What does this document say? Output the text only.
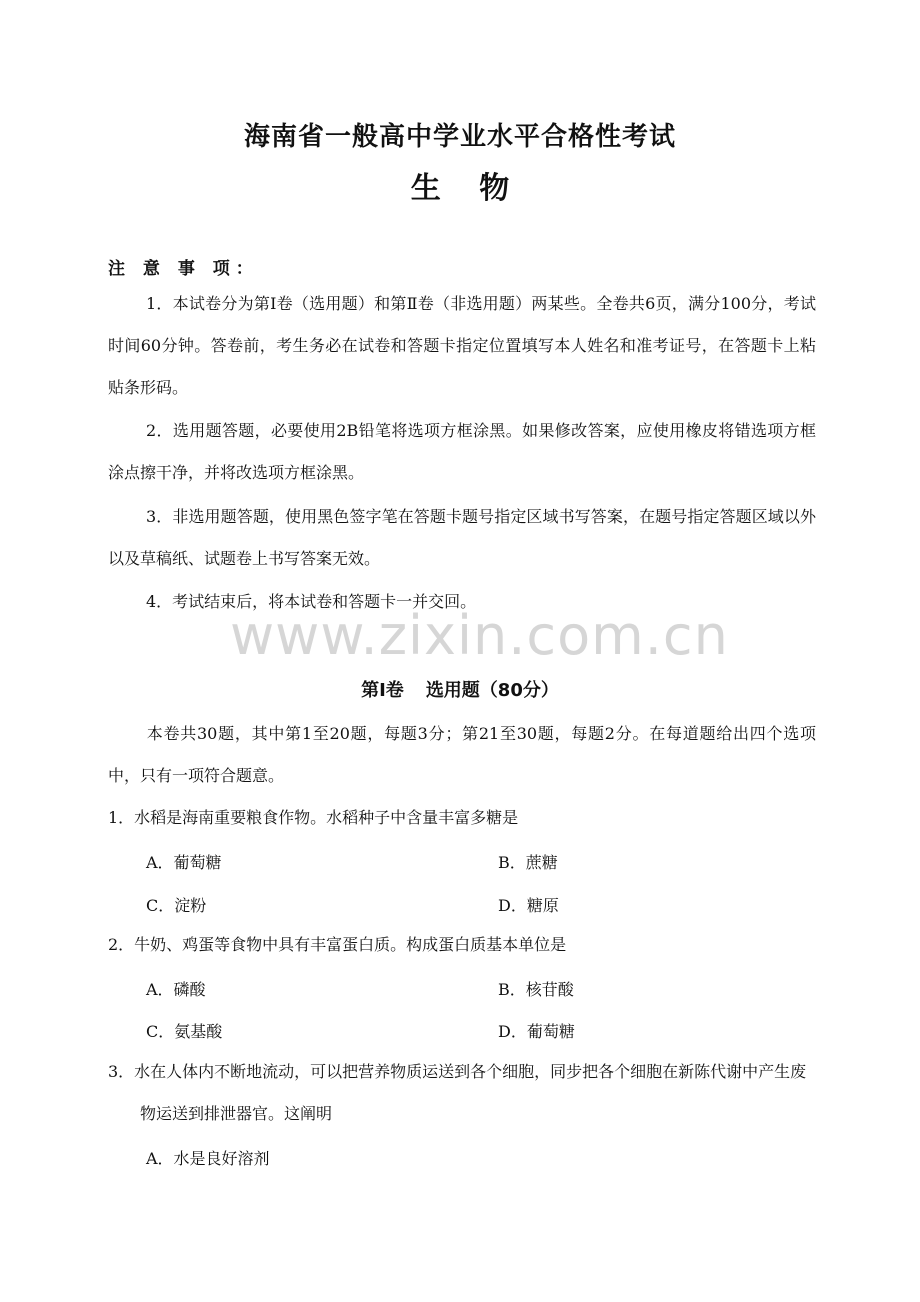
www.zixin.com.cn
海南省一般高中学业水平合格性考试
生 物
注 意 事 项：
1．本试卷分为第Ⅰ卷（选用题）和第Ⅱ卷（非选用题）两某些。全卷共6页，满分100分，考试时间60分钟。答卷前，考生务必在试卷和答题卡指定位置填写本人姓名和准考证号，在答题卡上粘贴条形码。
2．选用题答题，必要使用2B铅笔将选项方框涂黑。如果修改答案，应使用橡皮将错选项方框涂点擦干净，并将改选项方框涂黑。
3．非选用题答题，使用黑色签字笔在答题卡题号指定区域书写答案，在题号指定答题区域以外以及草稿纸、试题卷上书写答案无效。
4．考试结束后，将本试卷和答题卡一并交回。
第Ⅰ卷 选用题（80分）
本卷共30题，其中第1至20题，每题3分；第21至30题，每题2分。在每道题给出四个选项中，只有一项符合题意。
1．水稻是海南重要粮食作物。水稻种子中含量丰富多糖是
A．葡萄糖	B．蔗糖
C．淀粉	D．糖原
2．牛奶、鸡蛋等食物中具有丰富蛋白质。构成蛋白质基本单位是
A．磷酸	B．核苷酸
C．氨基酸	D．葡萄糖
3．水在人体内不断地流动，可以把营养物质运送到各个细胞，同步把各个细胞在新陈代谢中产生废物运送到排泄器官。这阐明
A．水是良好溶剂
